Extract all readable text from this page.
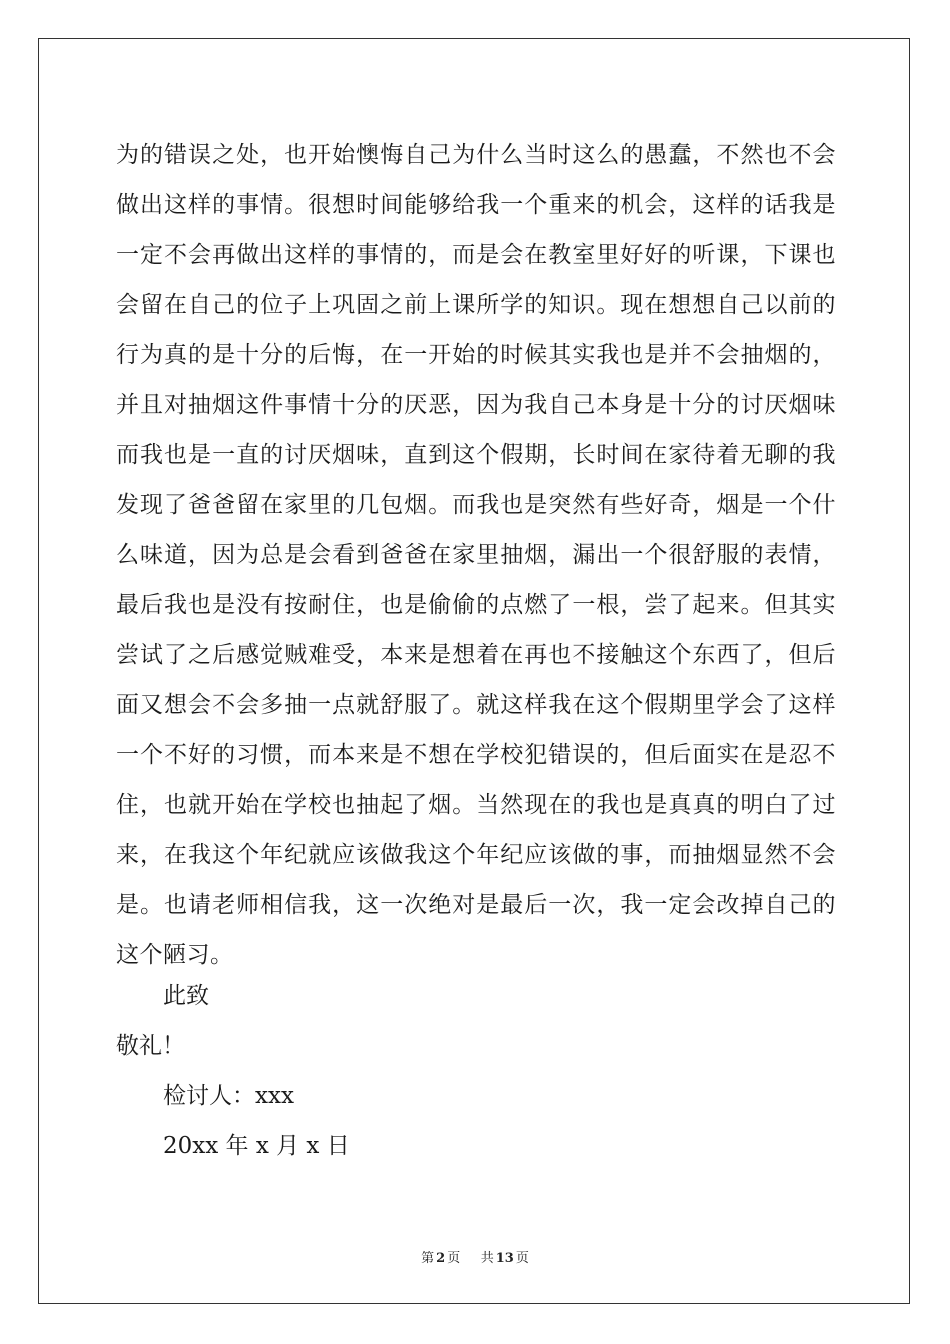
为的错误之处，也开始懊悔自己为什么当时这么的愚蠢，不然也不会
做出这样的事情。很想时间能够给我一个重来的机会，这样的话我是
一定不会再做出这样的事情的，而是会在教室里好好的听课，下课也
会留在自己的位子上巩固之前上课所学的知识。现在想想自己以前的
行为真的是十分的后悔，在一开始的时候其实我也是并不会抽烟的，
并且对抽烟这件事情十分的厌恶，因为我自己本身是十分的讨厌烟味
而我也是一直的讨厌烟味，直到这个假期，长时间在家待着无聊的我
发现了爸爸留在家里的几包烟。而我也是突然有些好奇，烟是一个什
么味道，因为总是会看到爸爸在家里抽烟，漏出一个很舒服的表情，
最后我也是没有按耐住，也是偷偷的点燃了一根，尝了起来。但其实
尝试了之后感觉贼难受，本来是想着在再也不接触这个东西了，但后
面又想会不会多抽一点就舒服了。就这样我在这个假期里学会了这样
一个不好的习惯，而本来是不想在学校犯错误的，但后面实在是忍不
住，也就开始在学校也抽起了烟。当然现在的我也是真真的明白了过
来，在我这个年纪就应该做我这个年纪应该做的事，而抽烟显然不会
是。也请老师相信我，这一次绝对是最后一次，我一定会改掉自己的
这个陋习。
此致
敬礼！
检讨人：xxx
20xx 年 x 月 x 日
第 2 页 共 13 页
